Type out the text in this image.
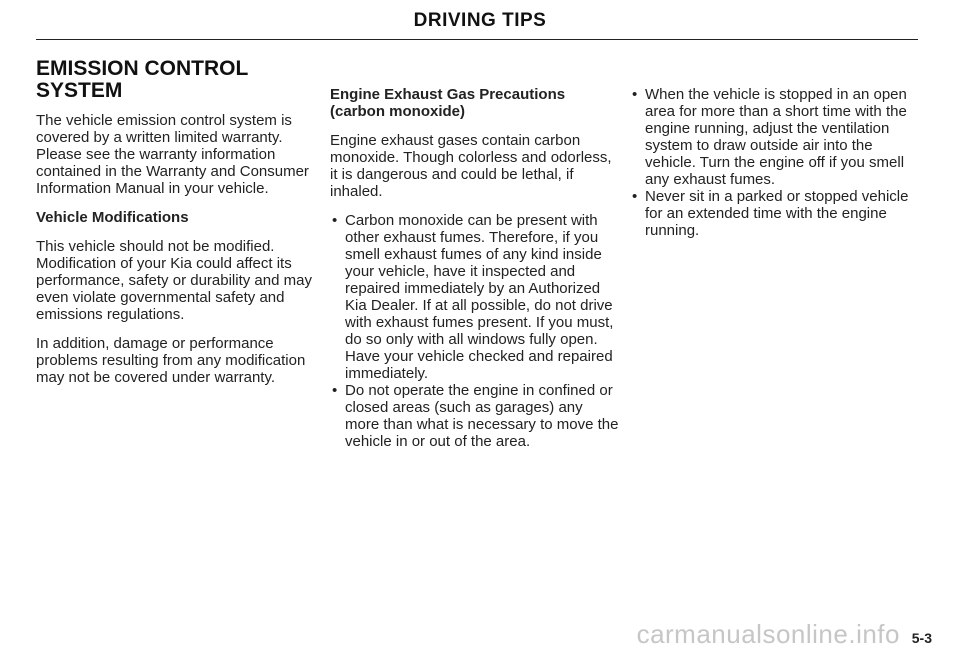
DRIVING TIPS
EMISSION CONTROL SYSTEM
The vehicle emission control system is covered by a written limited warranty. Please see the warranty information contained in the Warranty and Consumer Information Manual in your vehicle.
Vehicle Modifications
This vehicle should not be modified. Modification of your Kia could affect its performance, safety or durability and may even violate governmental safety and emissions regulations.
In addition, damage or performance problems resulting from any modification may not be covered under warranty.
Engine Exhaust Gas Precautions (carbon monoxide)
Engine exhaust gases contain carbon monoxide. Though colorless and odorless, it is dangerous and could be lethal, if inhaled.
• Carbon monoxide can be present with other exhaust fumes. Therefore, if you smell exhaust fumes of any kind inside your vehicle, have it inspected and repaired immediately by an Authorized Kia Dealer. If at all possible, do not drive with exhaust fumes present. If you must, do so only with all windows fully open. Have your vehicle checked and repaired immediately.
• Do not operate the engine in confined or closed areas (such as garages) any more than what is necessary to move the vehicle in or out of the area.
• When the vehicle is stopped in an open area for more than a short time with the engine running, adjust the ventilation system to draw outside air into the vehicle. Turn the engine off if you smell any exhaust fumes.
• Never sit in a parked or stopped vehicle for an extended time with the engine running.
carmanualsonline.info 5-3
